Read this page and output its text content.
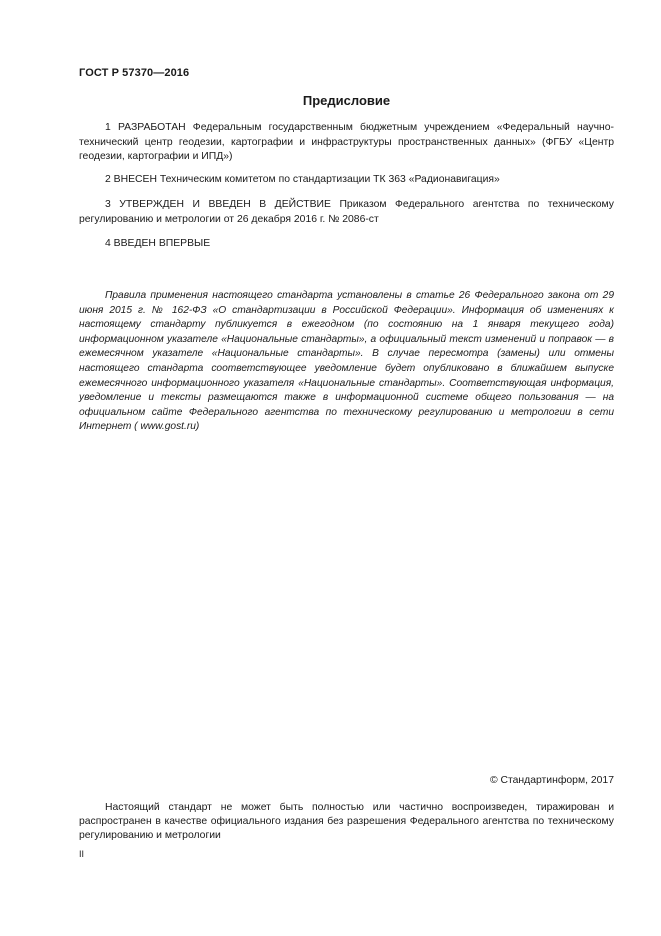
ГОСТ Р 57370—2016
Предисловие
1 РАЗРАБОТАН Федеральным государственным бюджетным учреждением «Федеральный научно-технический центр геодезии, картографии и инфраструктуры пространственных данных» (ФГБУ «Центр геодезии, картографии и ИПД»)
2 ВНЕСЕН Техническим комитетом по стандартизации ТК 363 «Радионавигация»
3 УТВЕРЖДЕН И ВВЕДЕН В ДЕЙСТВИЕ Приказом Федерального агентства по техническому регулированию и метрологии от 26 декабря 2016 г. № 2086-ст
4 ВВЕДЕН ВПЕРВЫЕ
Правила применения настоящего стандарта установлены в статье 26 Федерального закона от 29 июня 2015 г. № 162-ФЗ «О стандартизации в Российской Федерации». Информация об изменениях к настоящему стандарту публикуется в ежегодном (по состоянию на 1 января текущего года) информационном указателе «Национальные стандарты», а официальный текст изменений и поправок — в ежемесячном указателе «Национальные стандарты». В случае пересмотра (замены) или отмены настоящего стандарта соответствующее уведомление будет опубликовано в ближайшем выпуске ежемесячного информационного указателя «Национальные стандарты». Соответствующая информация, уведомление и тексты размещаются также в информационной системе общего пользования — на официальном сайте Федерального агентства по техническому регулированию и метрологии в сети Интернет ( www.gost.ru)
© Стандартинформ, 2017
Настоящий стандарт не может быть полностью или частично воспроизведен, тиражирован и распространен в качестве официального издания без разрешения Федерального агентства по техническому регулированию и метрологии
II
